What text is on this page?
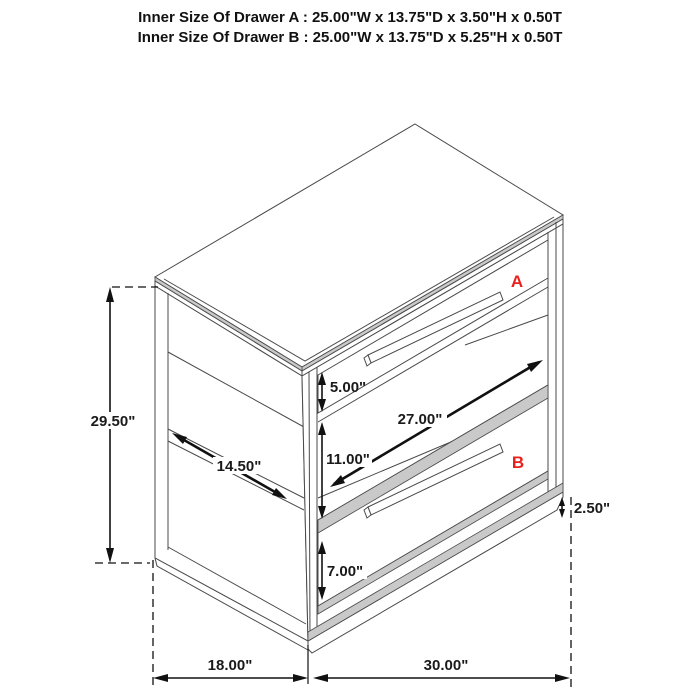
Inner Size Of Drawer A : 25.00"W x 13.75"D x 3.50"H x 0.50T
Inner Size Of Drawer B : 25.00"W x 13.75"D x 5.25"H x 0.50T
29.50"
5.00"
11.00"
7.00"
27.00"
14.50"
2.50"
18.00"	30.00"
A
B
